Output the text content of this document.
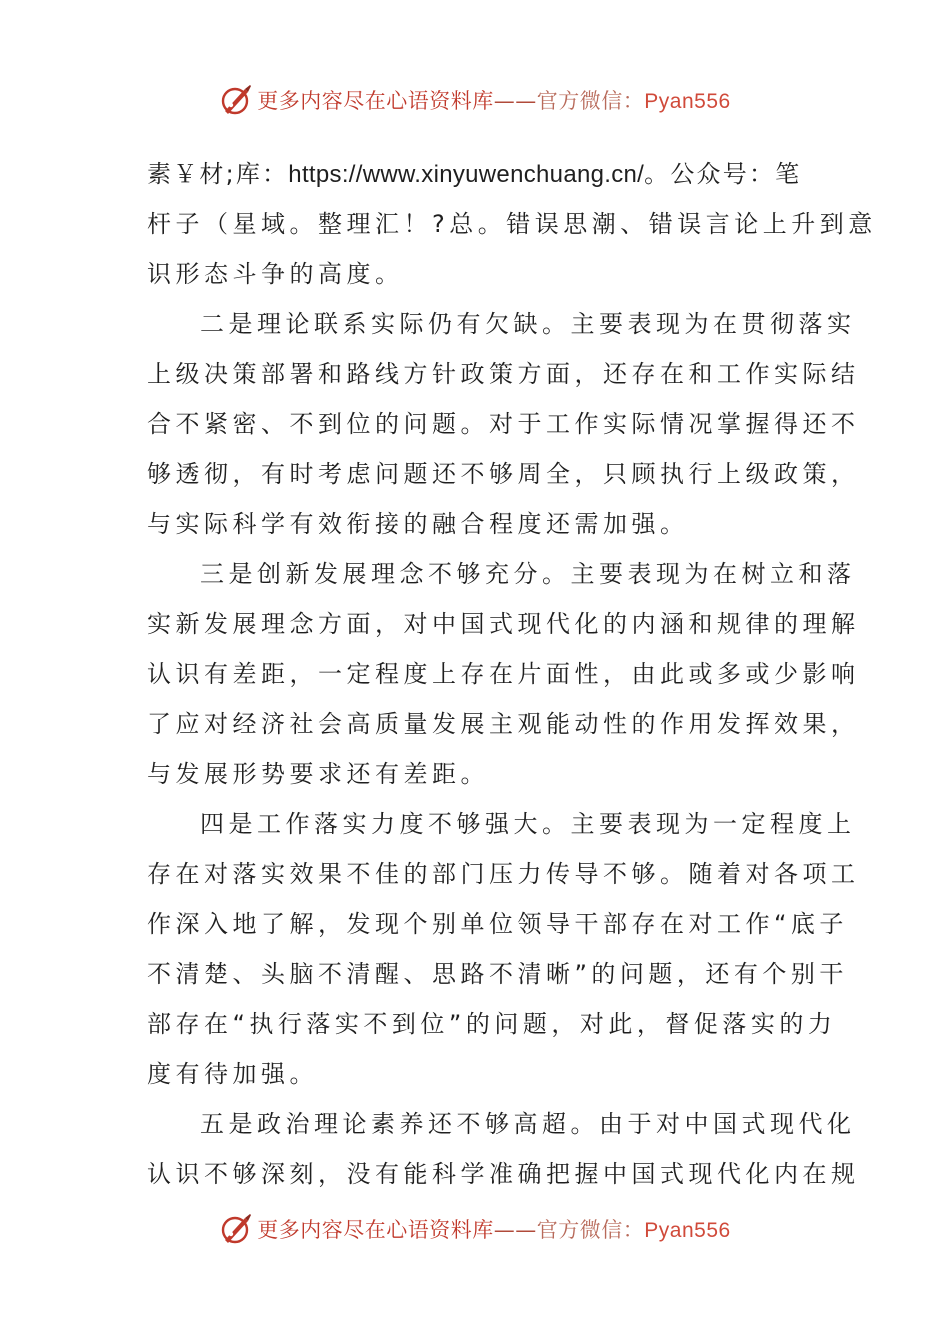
更多内容尽在心语资料库——官方微信：Pyan556
素￥材;库：https://www.xinyuwenchuang.cn/。公众号：笔
杆子（星域。整理汇！?总。错误思潮、错误言论上升到意
识形态斗争的高度。
二是理论联系实际仍有欠缺。主要表现为在贯彻落实
上级决策部署和路线方针政策方面，还存在和工作实际结
合不紧密、不到位的问题。对于工作实际情况掌握得还不
够透彻，有时考虑问题还不够周全，只顾执行上级政策，
与实际科学有效衔接的融合程度还需加强。
三是创新发展理念不够充分。主要表现为在树立和落
实新发展理念方面，对中国式现代化的内涵和规律的理解
认识有差距，一定程度上存在片面性，由此或多或少影响
了应对经济社会高质量发展主观能动性的作用发挥效果，
与发展形势要求还有差距。
四是工作落实力度不够强大。主要表现为一定程度上
存在对落实效果不佳的部门压力传导不够。随着对各项工
作深入地了解，发现个别单位领导干部存在对工作“底子
不清楚、头脑不清醒、思路不清晰”的问题，还有个别干
部存在“执行落实不到位”的问题，对此，督促落实的力
度有待加强。
五是政治理论素养还不够高超。由于对中国式现代化
认识不够深刻，没有能科学准确把握中国式现代化内在规
更多内容尽在心语资料库——官方微信：Pyan556
